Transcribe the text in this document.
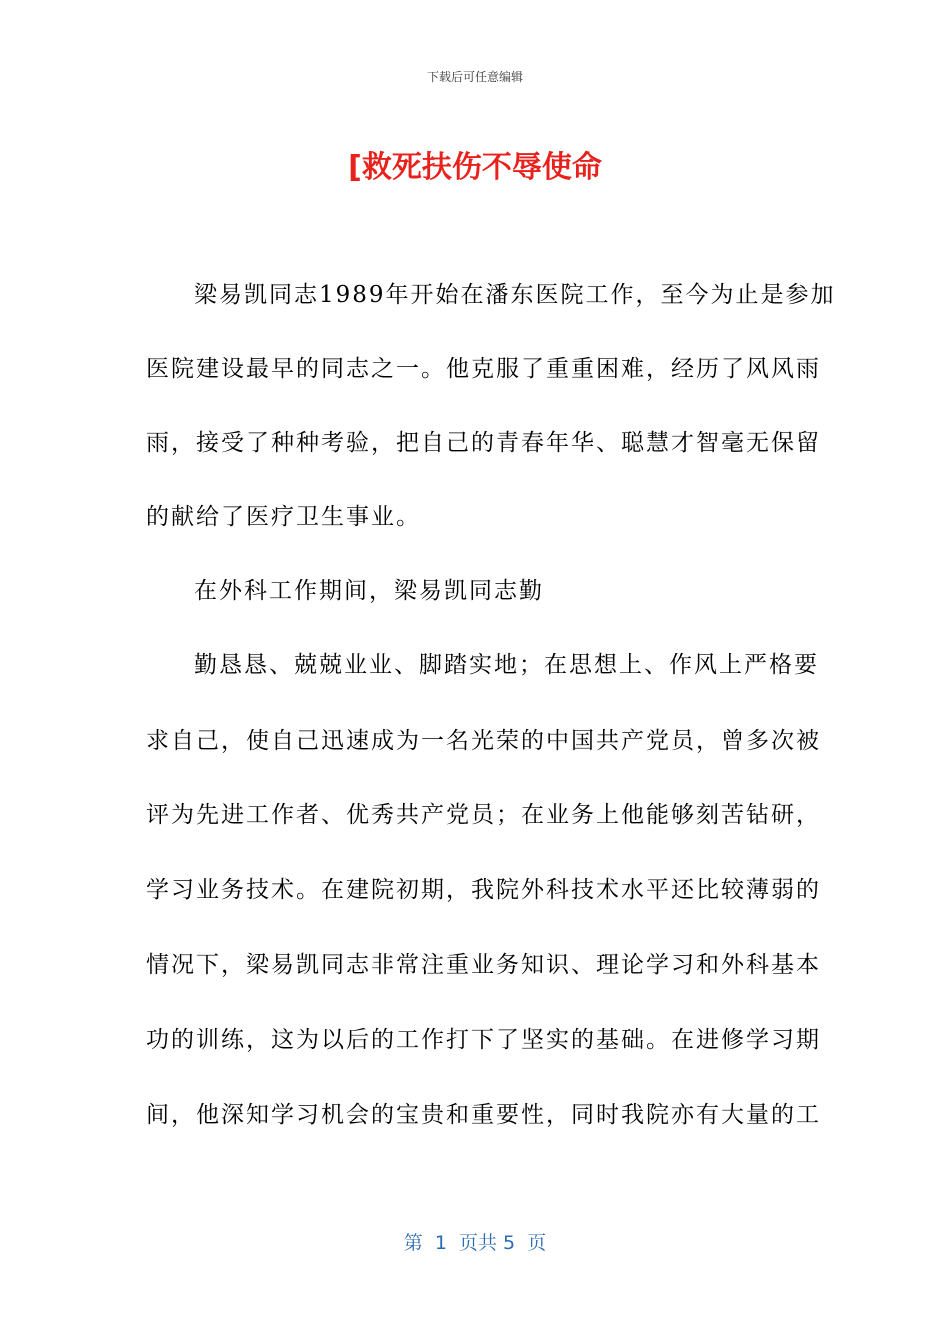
下载后可任意编辑
[救死扶伤不辱使命
梁易凯同志1989年开始在潘东医院工作，至今为止是参加
医院建设最早的同志之一。他克服了重重困难，经历了风风雨
雨，接受了种种考验，把自己的青春年华、聪慧才智毫无保留
的献给了医疗卫生事业。
在外科工作期间，梁易凯同志勤
勤恳恳、兢兢业业、脚踏实地；在思想上、作风上严格要
求自己，使自己迅速成为一名光荣的中国共产党员，曾多次被
评为先进工作者、优秀共产党员；在业务上他能够刻苦钻研，
学习业务技术。在建院初期，我院外科技术水平还比较薄弱的
情况下，梁易凯同志非常注重业务知识、理论学习和外科基本
功的训练，这为以后的工作打下了坚实的基础。在进修学习期
间，他深知学习机会的宝贵和重要性，同时我院亦有大量的工
第  1  页共 5  页
